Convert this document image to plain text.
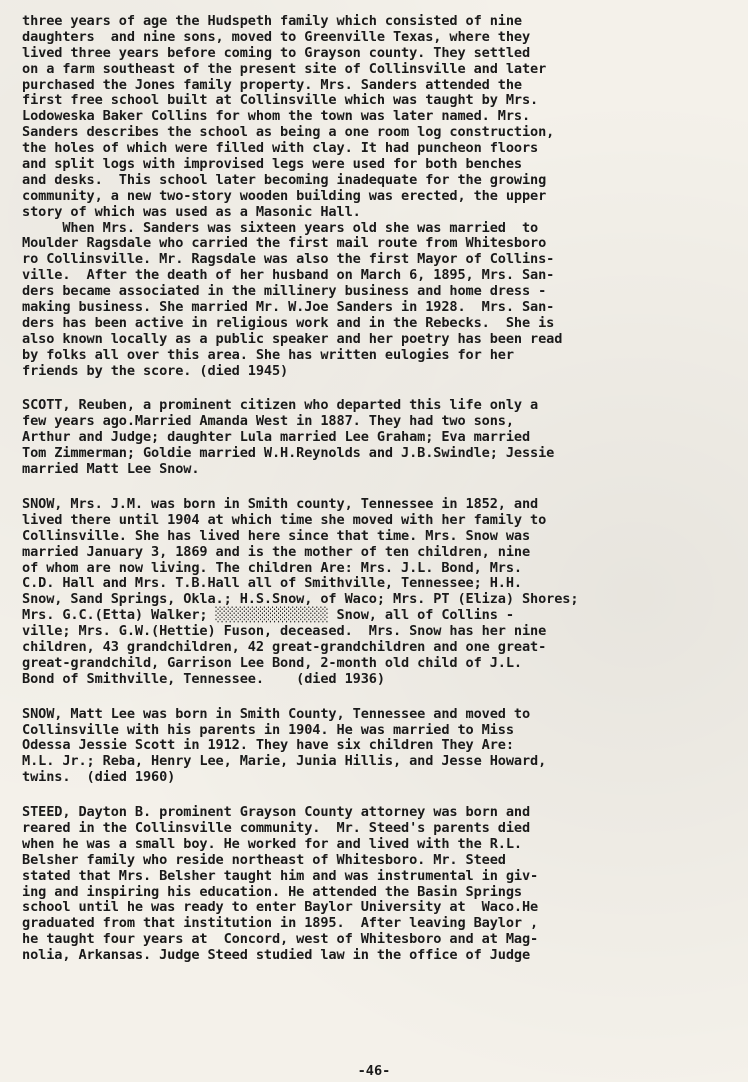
three years of age the Hudspeth family which consisted of nine
daughters  and nine sons, moved to Greenville Texas, where they
lived three years before coming to Grayson county. They settled
on a farm southeast of the present site of Collinsville and later
purchased the Jones family property. Mrs. Sanders attended the
first free school built at Collinsville which was taught by Mrs.
Lodoweska Baker Collins for whom the town was later named. Mrs.
Sanders describes the school as being a one room log construction,
the holes of which were filled with clay. It had puncheon floors
and split logs with improvised legs were used for both benches
and desks.  This school later becoming inadequate for the growing
community, a new two-story wooden building was erected, the upper
story of which was used as a Masonic Hall.
When Mrs. Sanders was sixteen years old she was married  to
Moulder Ragsdale who carried the first mail route from Whitesboro
ro Collinsville. Mr. Ragsdale was also the first Mayor of Collins-
ville.  After the death of her husband on March 6, 1895, Mrs. San-
ders became associated in the millinery business and home dress -
making business. She married Mr. W.Joe Sanders in 1928.  Mrs. San-
ders has been active in religious work and in the Rebecks.  She is
also known locally as a public speaker and her poetry has been read
by folks all over this area. She has written eulogies for her
friends by the score. (died 1945)
SCOTT, Reuben, a prominent citizen who departed this life only a
few years ago.Married Amanda West in 1887. They had two sons,
Arthur and Judge; daughter Lula married Lee Graham; Eva married
Tom Zimmerman; Goldie married W.H.Reynolds and J.B.Swindle; Jessie
married Matt Lee Snow.
SNOW, Mrs. J.M. was born in Smith county, Tennessee in 1852, and
lived there until 1904 at which time she moved with her family to
Collinsville. She has lived here since that time. Mrs. Snow was
married January 3, 1869 and is the mother of ten children, nine
of whom are now living. The children Are: Mrs. J.L. Bond, Mrs.
C.D. Hall and Mrs. T.B.Hall all of Smithville, Tennessee; H.H.
Snow, Sand Springs, Okla.; H.S.Snow, of Waco; Mrs. PT (Eliza) Shores;
Mrs. G.C.(Etta) Walker; ░░░░░░░░░░░░░░ Snow, all of Collins -
ville; Mrs. G.W.(Hettie) Fuson, deceased.  Mrs. Snow has her nine
children, 43 grandchildren, 42 great-grandchildren and one great-
great-grandchild, Garrison Lee Bond, 2-month old child of J.L.
Bond of Smithville, Tennessee.    (died 1936)
SNOW, Matt Lee was born in Smith County, Tennessee and moved to
Collinsville with his parents in 1904. He was married to Miss
Odessa Jessie Scott in 1912. They have six children They Are:
M.L. Jr.; Reba, Henry Lee, Marie, Junia Hillis, and Jesse Howard,
twins.  (died 1960)
STEED, Dayton B. prominent Grayson County attorney was born and
reared in the Collinsville community.  Mr. Steed's parents died
when he was a small boy. He worked for and lived with the R.L.
Belsher family who reside northeast of Whitesboro. Mr. Steed
stated that Mrs. Belsher taught him and was instrumental in giv-
ing and inspiring his education. He attended the Basin Springs
school until he was ready to enter Baylor University at  Waco.He
graduated from that institution in 1895.  After leaving Baylor ,
he taught four years at  Concord, west of Whitesboro and at Mag-
nolia, Arkansas. Judge Steed studied law in the office of Judge
-46-
